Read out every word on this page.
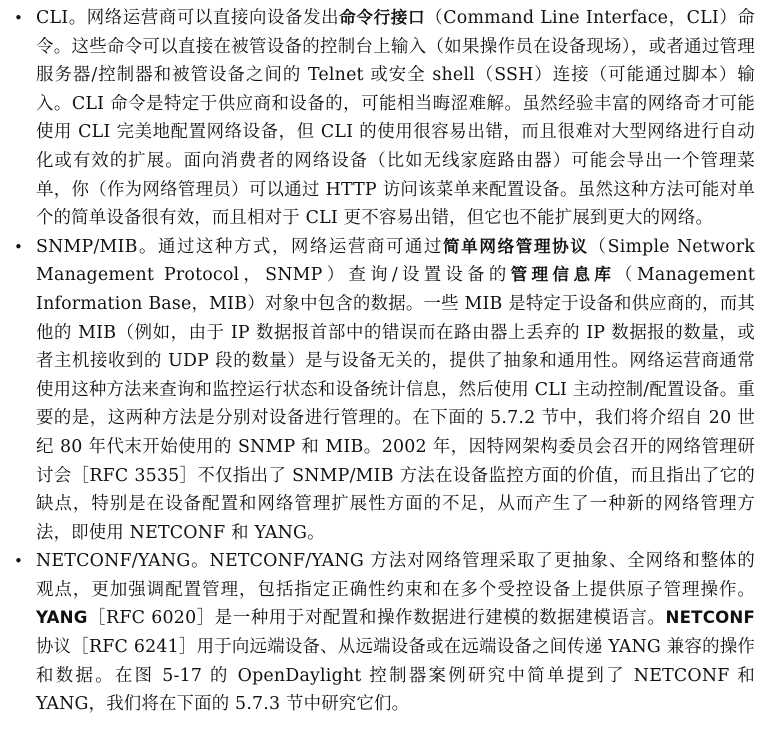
• CLI。网络运营商可以直接向设备发出命令行接口（Command Line Interface，CLI）命令。这些命令可以直接在被管设备的控制台上输入（如果操作员在设备现场），或者通过管理服务器/控制器和被管设备之间的 Telnet 或安全 shell（SSH）连接（可能通过脚本）输入。CLI 命令是特定于供应商和设备的，可能相当晦涩难解。虽然经验丰富的网络奇才可能使用 CLI 完美地配置网络设备，但 CLI 的使用很容易出错，而且很难对大型网络进行自动化或有效的扩展。面向消费者的网络设备（比如无线家庭路由器）可能会导出一个管理菜单，你（作为网络管理员）可以通过 HTTP 访问该菜单来配置设备。虽然这种方法可能对单个的简单设备很有效，而且相对于 CLI 更不容易出错，但它也不能扩展到更大的网络。
• SNMP/MIB。通过这种方式，网络运营商可通过简单网络管理协议（Simple Network Management Protocol，SNMP）查询/设置设备的管理信息库（Management Information Base，MIB）对象中包含的数据。一些 MIB 是特定于设备和供应商的，而其他的 MIB（例如，由于 IP 数据报首部中的错误而在路由器上丢弃的 IP 数据报的数量，或者主机接收到的 UDP 段的数量）是与设备无关的，提供了抽象和通用性。网络运营商通常使用这种方法来查询和监控运行状态和设备统计信息，然后使用 CLI 主动控制/配置设备。重要的是，这两种方法是分别对设备进行管理的。在下面的 5.7.2 节中，我们将介绍自 20 世纪 80 年代末开始使用的 SNMP 和 MIB。2002 年，因特网架构委员会召开的网络管理研讨会［RFC 3535］不仅指出了 SNMP/MIB 方法在设备监控方面的价值，而且指出了它的缺点，特别是在设备配置和网络管理扩展性方面的不足，从而产生了一种新的网络管理方法，即使用 NETCONF 和 YANG。
• NETCONF/YANG。NETCONF/YANG 方法对网络管理采取了更抽象、全网络和整体的观点，更加强调配置管理，包括指定正确性约束和在多个受控设备上提供原子管理操作。YANG［RFC 6020］是一种用于对配置和操作数据进行建模的数据建模语言。NETCONF 协议［RFC 6241］用于向远端设备、从远端设备或在远端设备之间传递 YANG 兼容的操作和数据。在图 5-17 的 OpenDaylight 控制器案例研究中简单提到了 NETCONF 和 YANG，我们将在下面的 5.7.3 节中研究它们。
